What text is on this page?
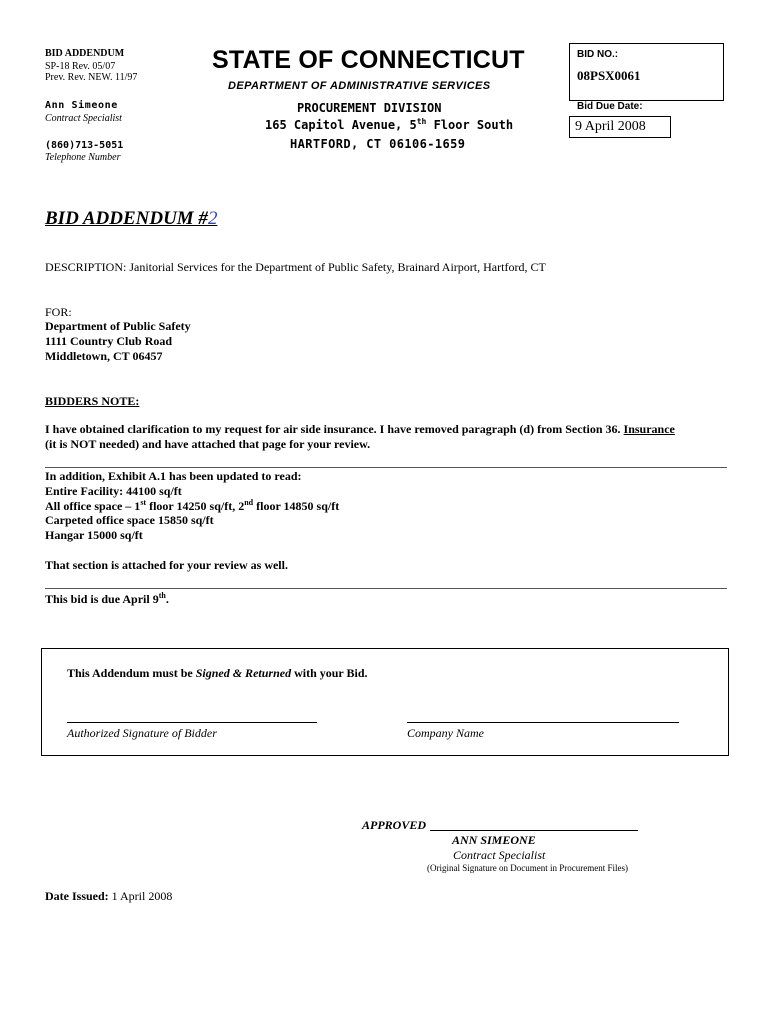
BID ADDENDUM
SP-18 Rev. 05/07
Prev. Rev. NEW. 11/97
Ann Simeone
Contract Specialist
(860)713-5051
Telephone Number
STATE OF CONNECTICUT
DEPARTMENT OF ADMINISTRATIVE SERVICES
PROCUREMENT DIVISION
165 Capitol Avenue, 5th Floor South
HARTFORD, CT 06106-1659
BID NO.:
08PSX0061
Bid Due Date:
9 April 2008
BID ADDENDUM #2
DESCRIPTION: Janitorial Services for the Department of Public Safety, Brainard Airport, Hartford, CT
FOR:
Department of Public Safety
1111 Country Club Road
Middletown, CT 06457
BIDDERS NOTE:
I have obtained clarification to my request for air side insurance. I have removed paragraph (d) from Section 36. Insurance
(it is NOT needed) and have attached that page for your review.
In addition, Exhibit A.1 has been updated to read:
Entire Facility: 44100 sq/ft
All office space – 1st floor 14250 sq/ft, 2nd floor 14850 sq/ft
Carpeted office space 15850 sq/ft
Hangar 15000 sq/ft
That section is attached for your review as well.
This bid is due April 9th.
This Addendum must be Signed & Returned with your Bid.
Authorized Signature of Bidder	Company Name
APPROVED
ANN SIMEONE
Contract Specialist
(Original Signature on Document in Procurement Files)
Date Issued: 1 April 2008
